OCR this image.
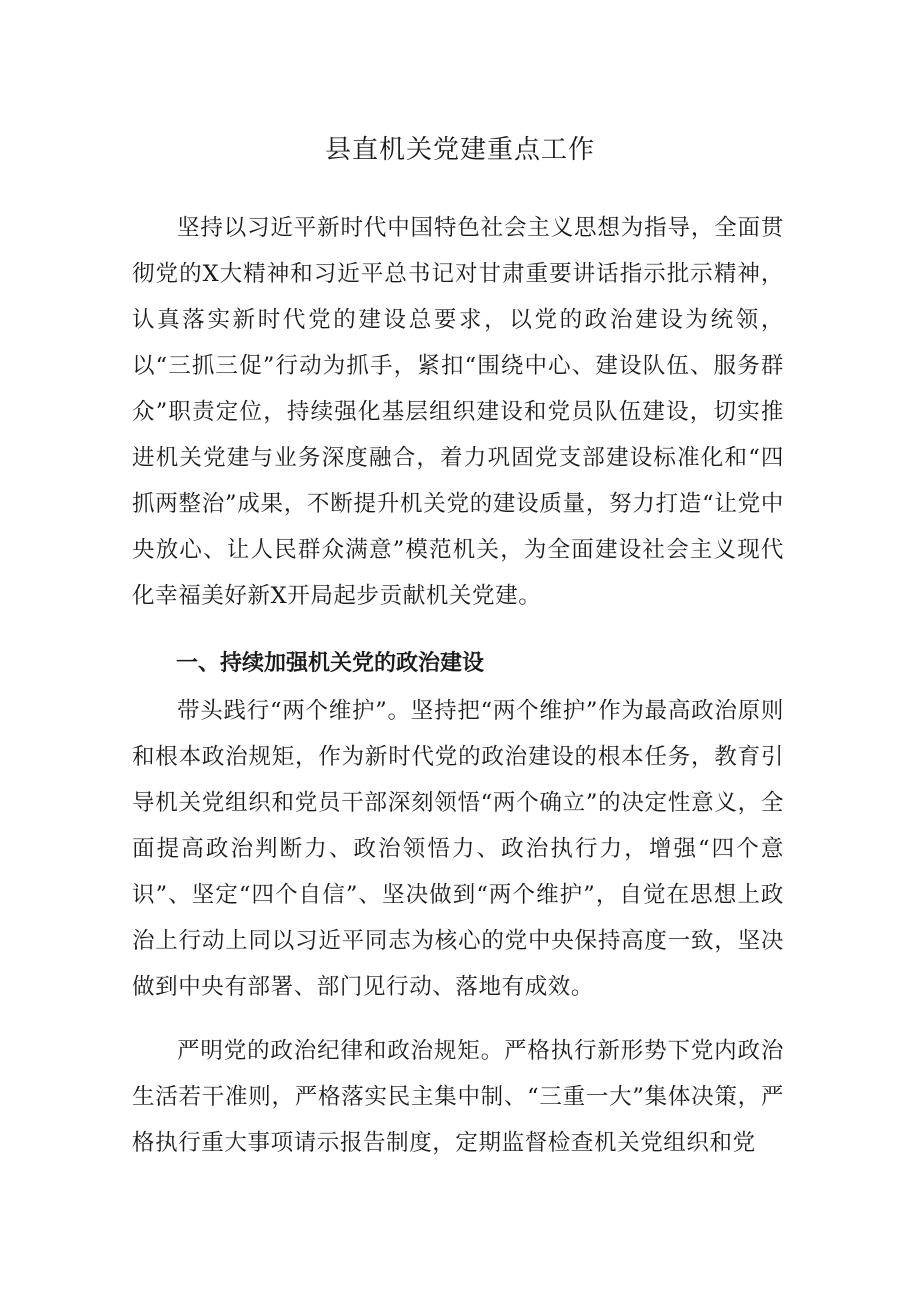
县直机关党建重点工作

坚持以习近平新时代中国特色社会主义思想为指导，全面贯彻党的X大精神和习近平总书记对甘肃重要讲话指示批示精神，认真落实新时代党的建设总要求，以党的政治建设为统领，以“三抓三促”行动为抓手，紧扣“围绕中心、建设队伍、服务群众”职责定位，持续强化基层组织建设和党员队伍建设，切实推进机关党建与业务深度融合，着力巩固党支部建设标准化和“四抓两整治”成果，不断提升机关党的建设质量，努力打造“让党中央放心、让人民群众满意”模范机关，为全面建设社会主义现代化幸福美好新X开局起步贡献机关党建。

一、持续加强机关党的政治建设

带头践行“两个维护”。坚持把“两个维护”作为最高政治原则和根本政治规矩，作为新时代党的政治建设的根本任务，教育引导机关党组织和党员干部深刻领悟“两个确立”的决定性意义，全面提高政治判断力、政治领悟力、政治执行力，增强“四个意识”、坚定“四个自信”、坚决做到“两个维护”，自觉在思想上政治上行动上同以习近平同志为核心的党中央保持高度一致，坚决做到中央有部署、部门见行动、落地有成效。

严明党的政治纪律和政治规矩。严格执行新形势下党内政治生活若干准则，严格落实民主集中制、“三重一大”集体决策，严格执行重大事项请示报告制度，定期监督检查机关党组织和党
